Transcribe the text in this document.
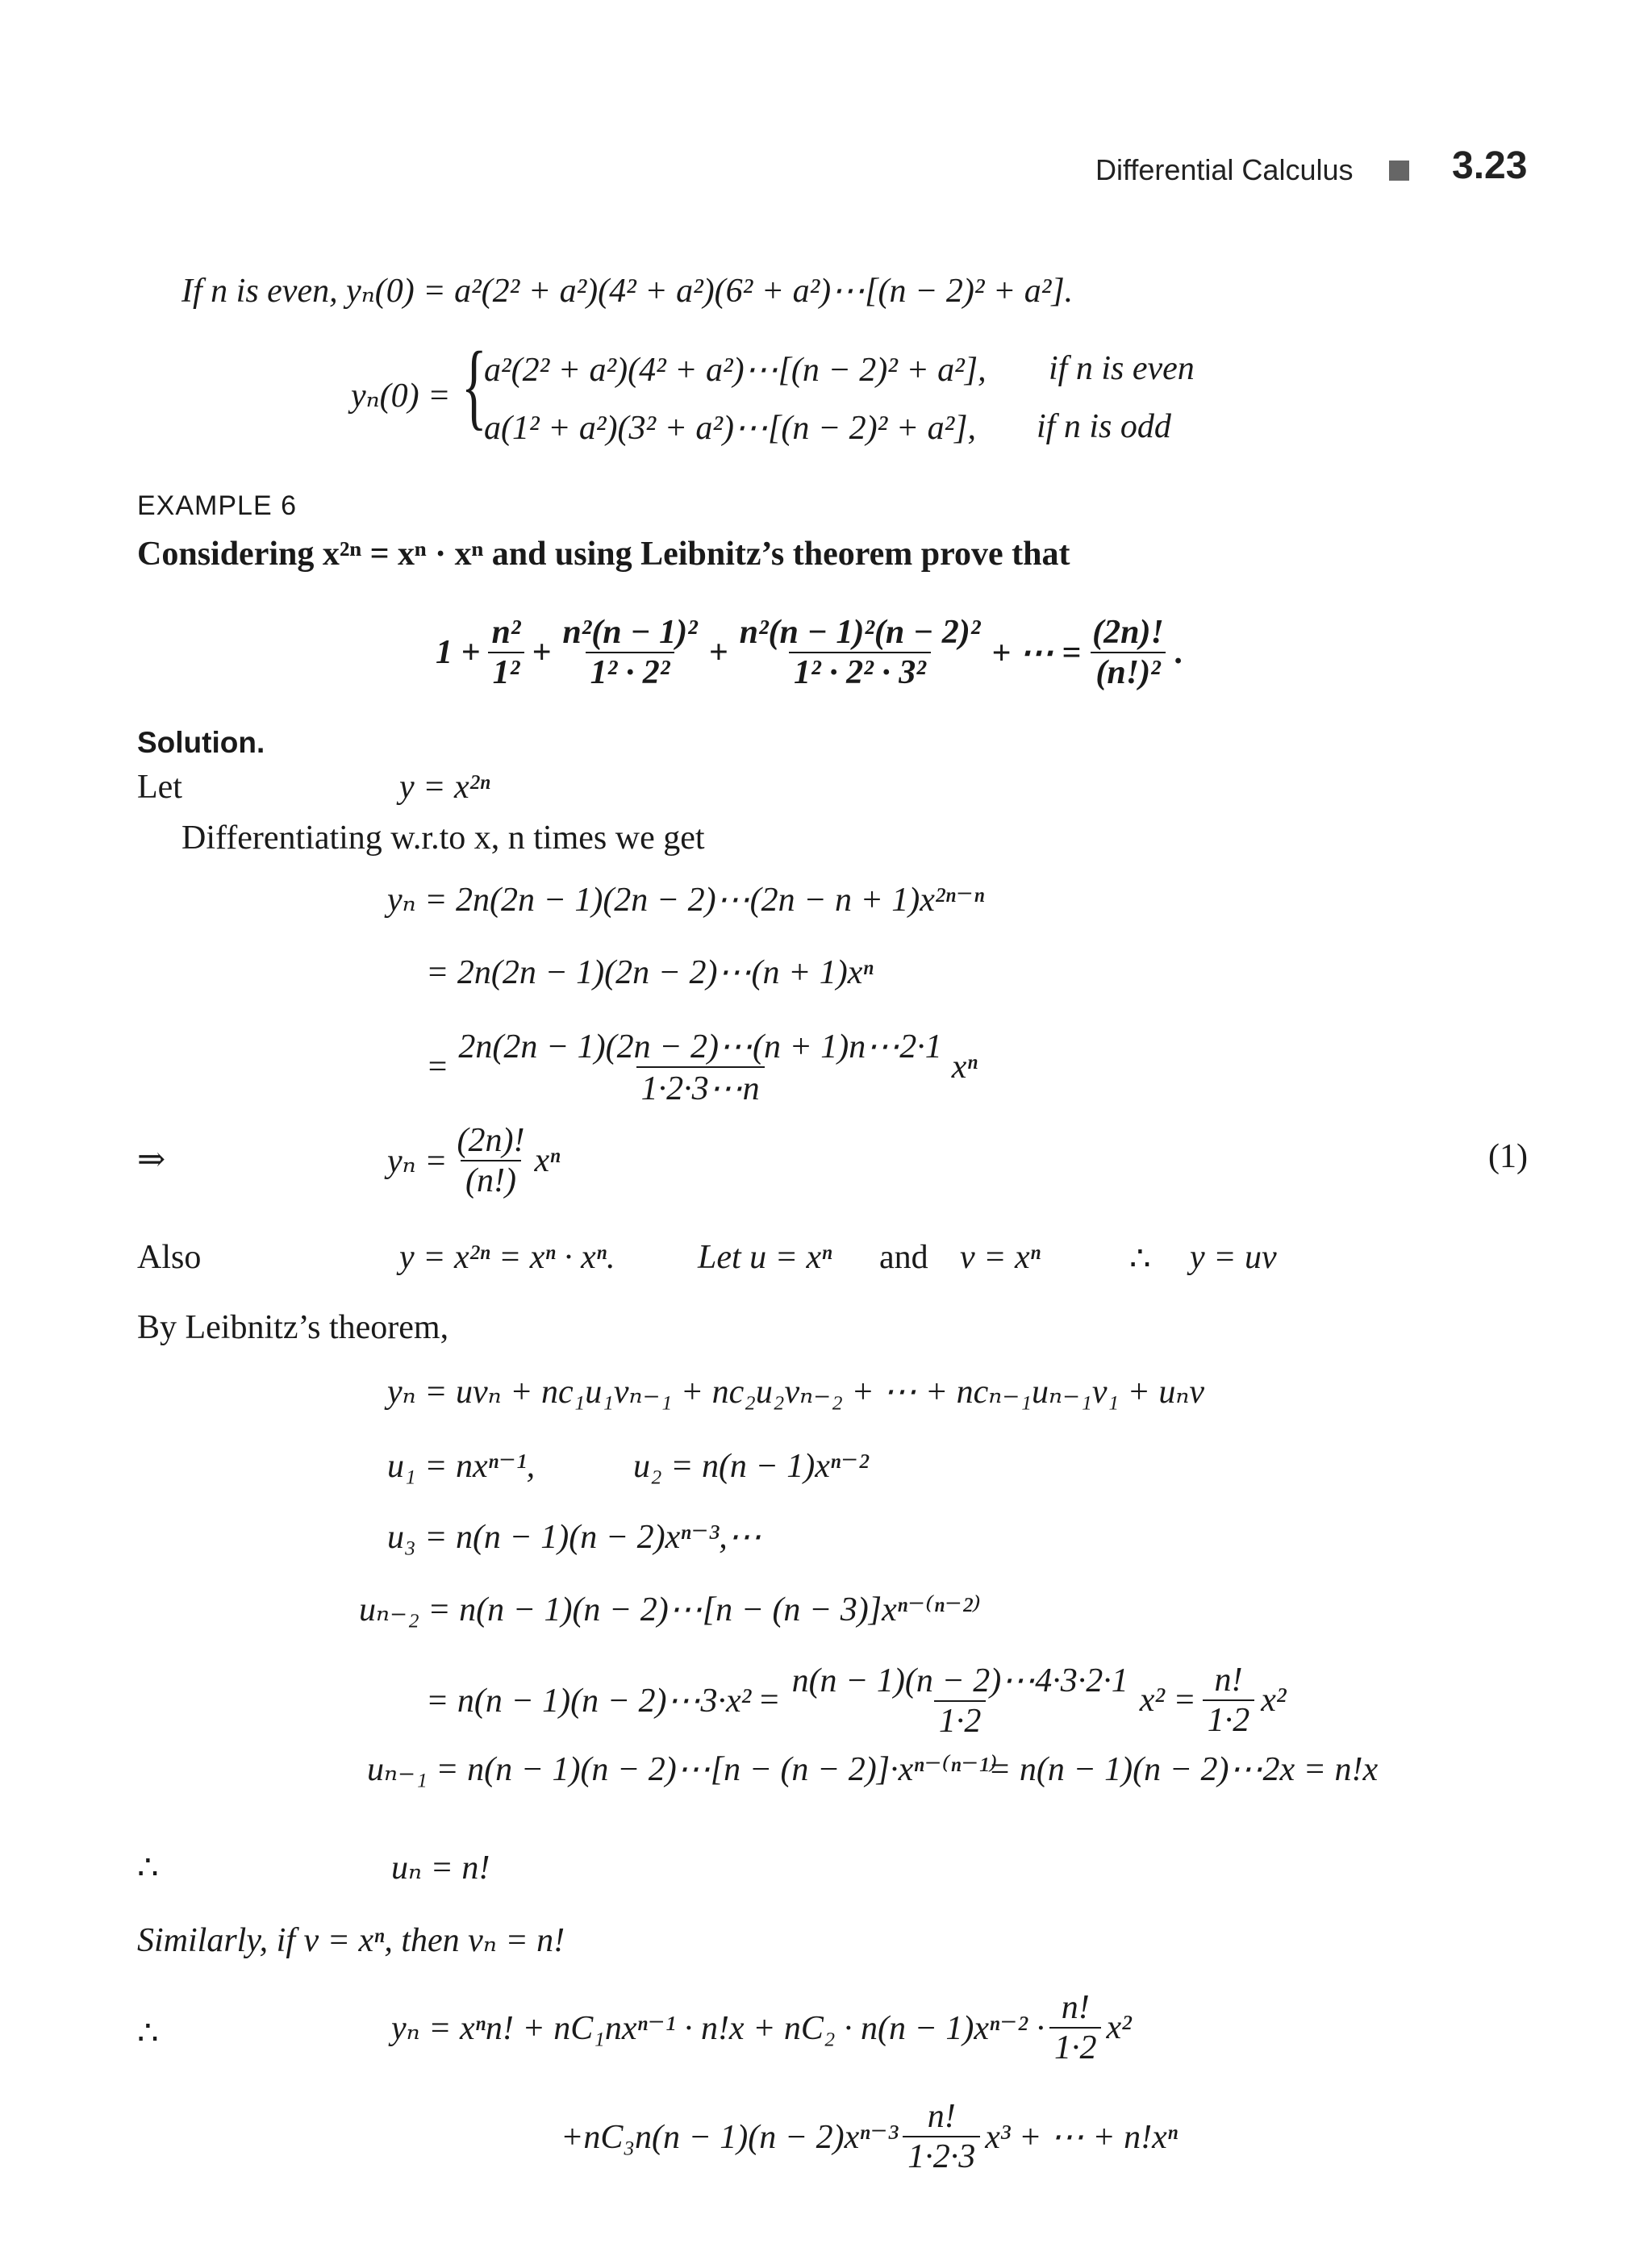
Differential Calculus	3.23
If n is even, yₙ(0) = a²(2² + a²)(4² + a²)(6² + a²)⋯[(n − 2)² + a²].
yₙ(0) = {
a²(2² + a²)(4² + a²)⋯[(n − 2)² + a²], if n is even
a(1² + a²)(3² + a²)⋯[(n − 2)² + a²], if n is odd
EXAMPLE 6
Considering x²ⁿ = xⁿ · xⁿ and using Leibnitz’s theorem prove that
$1 + \frac{\text{n²}}{\text{1²}} + \frac{\text{n²(n − 1)²}}{\text{1² · 2²}} + \frac{\text{n²(n − 1)²(n − 2)²}}{\text{1² · 2² · 3²}}$ + ⋯ = $\frac{(2n)!}{\text{(n!)²}}$ .
Solution.
Let	y = x²ⁿ
Differentiating w.r.to x, n times we get
yₙ = 2n(2n − 1)(2n − 2)⋯(2n − n + 1)x²ⁿ⁻ⁿ
= 2n(2n − 1)(2n − 2)⋯(n + 1)xⁿ
= $\frac{2n(2n - 1)(2n - 2)\cdots(n + 1)n\cdots 2\cdot 1}{1\cdot 2\cdot 3\cdots n}$ xⁿ
⇒	$y_n = \frac{(2n)!}{(n!)}$ xⁿ	(1)
Also	y = x²ⁿ = xⁿ · xⁿ. Let u = xⁿ and v = xⁿ	∴ y = uv
By Leibnitz’s theorem,
yₙ = uvₙ + nc₁u₁vₙ₋₁ + nc₂u₂vₙ₋₂ + ⋯ + ncₙ₋₁uₙ₋₁v₁ + uₙv
u₁ = nxⁿ⁻¹,	u₂ = n(n − 1)xⁿ⁻²
u₃ = n(n − 1)(n − 2)xⁿ⁻³,⋯
uₙ₋₂ = n(n − 1)(n − 2)⋯[n − (n − 3)]xⁿ⁻⁽ⁿ⁻²⁾
= n(n − 1)(n − 2)⋯3·x² = $\frac{n(n - 1)(n - 2)\cdots 4\cdot 3\cdot 2\cdot 1}{1\cdot 2} x^2 = \frac{n!}{1\cdot 2} x^2$
uₙ₋₁ = n(n − 1)(n − 2)⋯[n − (n − 2)]·xⁿ⁻⁽ⁿ⁻¹⁾
= n(n − 1)(n − 2)⋯2x = n!x
∴	uₙ = n!
Similarly, if v = xⁿ, then vₙ = n!
∴	yₙ = xⁿn! + $nC_1nx^{n-1} \cdot n!x + nC_2 \cdot n(n - 1)x^{n-2} \cdot \frac{n!}{1\cdot 2} x^2$
$+nC_3n(n - 1)(n - 2)x^{n-3} \frac{n!}{1\cdot 2\cdot 3} x^3$ + ⋯ + n!xⁿ
